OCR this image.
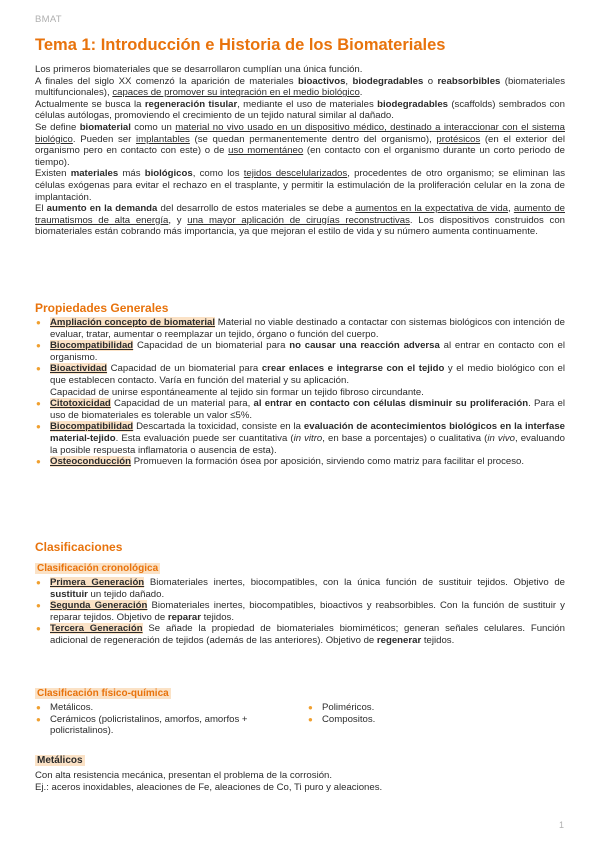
BMAT
Tema 1: Introducción e Historia de los Biomateriales

Los primeros biomateriales que se desarrollaron cumplían una única función.

A finales del siglo XX comenzó la aparición de materiales bioactivos, biodegradables o reabsorbibles (biomateriales multifuncionales), capaces de promover su integración en el medio biológico.

Actualmente se busca la regeneración tisular, mediante el uso de materiales biodegradables (scaffolds) sembrados con células autólogas, promoviendo el crecimiento de un tejido natural similar al dañado.

Se define biomaterial como un material no vivo usado en un dispositivo médico, destinado a interaccionar con el sistema biológico. Pueden ser implantables (se quedan permanentemente dentro del organismo), protésicos (en el exterior del organismo pero en contacto con este) o de uso momentáneo (en contacto con el organismo durante un corto periodo de tiempo).

Existen materiales más biológicos, como los tejidos descelularizados, procedentes de otro organismo; se eliminan las células exógenas para evitar el rechazo en el trasplante, y permitir la estimulación de la proliferación celular en la zona de implantación.

El aumento en la demanda del desarrollo de estos materiales se debe a aumentos en la expectativa de vida, aumento de traumatismos de alta energía, y una mayor aplicación de cirugías reconstructivas. Los dispositivos construidos con biomateriales están cobrando más importancia, ya que mejoran el estilo de vida y su número aumenta continuamente.

Propiedades Generales
● Ampliación concepto de biomaterial Material no viable destinado a contactar con sistemas biológicos con intención de evaluar, tratar, aumentar o reemplazar un tejido, órgano o función del cuerpo.
● Biocompatibilidad Capacidad de un biomaterial para no causar una reacción adversa al entrar en contacto con el organismo.
● Bioactividad Capacidad de un biomaterial para crear enlaces e integrarse con el tejido y el medio biológico con el que establecen contacto. Varía en función del material y su aplicación.

Capacidad de unirse espontáneamente al tejido sin formar un tejido fibroso circundante.

● Citotoxicidad Capacidad de un material para, al entrar en contacto con células disminuir su proliferación. Para el uso de biomateriales es tolerable un valor ≤5%.
● Biocompatibilidad Descartada la toxicidad, consiste en la evaluación de acontecimientos biológicos en la interfase material-tejido. Esta evaluación puede ser cuantitativa (in vitro, en base a porcentajes) o cualitativa (in vivo, evaluando la posible respuesta inflamatoria o ausencia de esta).
● Osteoconducción Promueven la formación ósea por aposición, sirviendo como matriz para facilitar el proceso.
Clasificaciones
Clasificación cronológica
● Primera Generación Biomateriales inertes, biocompatibles, con la única función de sustituir tejidos. Objetivo de sustituir un tejido dañado.
● Segunda Generación Biomateriales inertes, biocompatibles, bioactivos y reabsorbibles. Con la función de sustituir y reparar tejidos. Objetivo de reparar tejidos.
● Tercera Generación Se añade la propiedad de biomateriales biomiméticos; generan señales celulares. Función adicional de regeneración de tejidos (además de las anteriores). Objetivo de regenerar tejidos.
Clasificación físico-química
● Metálicos.
● Cerámicos (policristalinos, amorfos, amorfos + policristalinos).
● Poliméricos.
● Compositos.
Metálicos

Con alta resistencia mecánica, presentan el problema de la corrosión.

Ej.: aceros inoxidables, aleaciones de Fe, aleaciones de Co, Ti puro y aleaciones.

1
